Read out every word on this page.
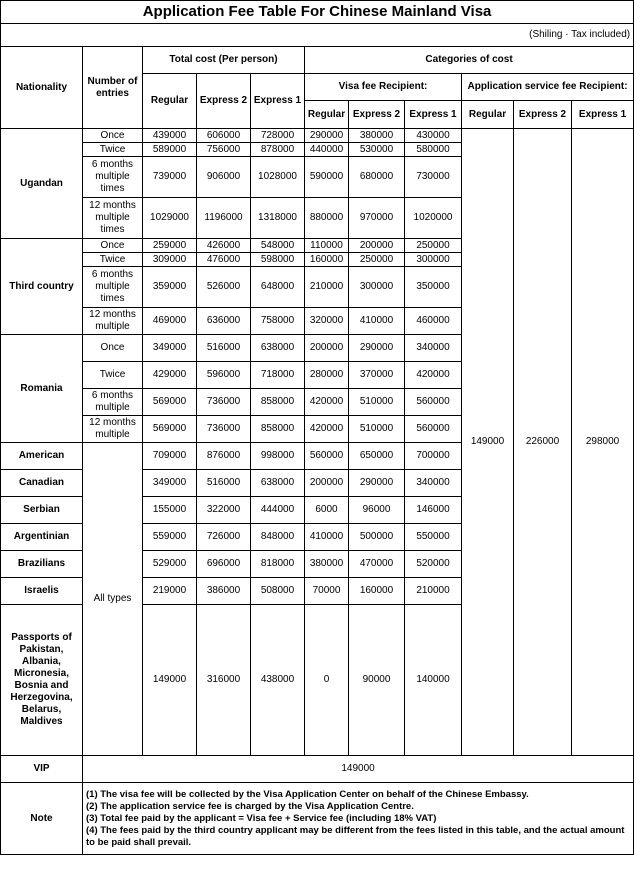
Application Fee Table For Chinese Mainland Visa										
(Shiling · Tax included)										
Nationality	Number of entries	Total cost (Per person)			Categories of cost					
		Regular	Express 2	Express 1	Visa fee Recipient:			Application service fee Recipient:		
					Regular	Express 2	Express 1	Regular	Express 2	Express 1
Ugandan	Once	439000	606000	728000	290000	380000	430000	149000	226000	298000
	Twice	589000	756000	878000	440000	530000	580000			
	6 months multiple times	739000	906000	1028000	590000	680000	730000			
	12 months multiple times	1029000	1196000	1318000	880000	970000	1020000			
Third country	Once	259000	426000	548000	110000	200000	250000			
	Twice	309000	476000	598000	160000	250000	300000			
	6 months multiple times	359000	526000	648000	210000	300000	350000			
	12 months multiple	469000	636000	758000	320000	410000	460000			
Romania	Once	349000	516000	638000	200000	290000	340000			
	Twice	429000	596000	718000	280000	370000	420000			
	6 months multiple	569000	736000	858000	420000	510000	560000			
	12 months multiple	569000	736000	858000	420000	510000	560000			
American	All types	709000	876000	998000	560000	650000	700000			
Canadian		349000	516000	638000	200000	290000	340000			
Serbian		155000	322000	444000	6000	96000	146000			
Argentinian		559000	726000	848000	410000	500000	550000			
Brazilians		529000	696000	818000	380000	470000	520000			
Israelis		219000	386000	508000	70000	160000	210000			
Passports of Pakistan, Albania, Micronesia, Bosnia and Herzegovina, Belarus, Maldives		149000	316000	438000	0	90000	140000			
VIP	149000									
Note	(1) The visa fee will be collected by the Visa Application Center on behalf of the Chinese Embassy.
(2) The application service fee is charged by the Visa Application Centre.
(3) Total fee paid by the applicant = Visa fee + Service fee (including 18% VAT)
(4) The fees paid by the third country applicant may be different from the fees listed in this table, and the actual amount to be paid shall prevail.									
